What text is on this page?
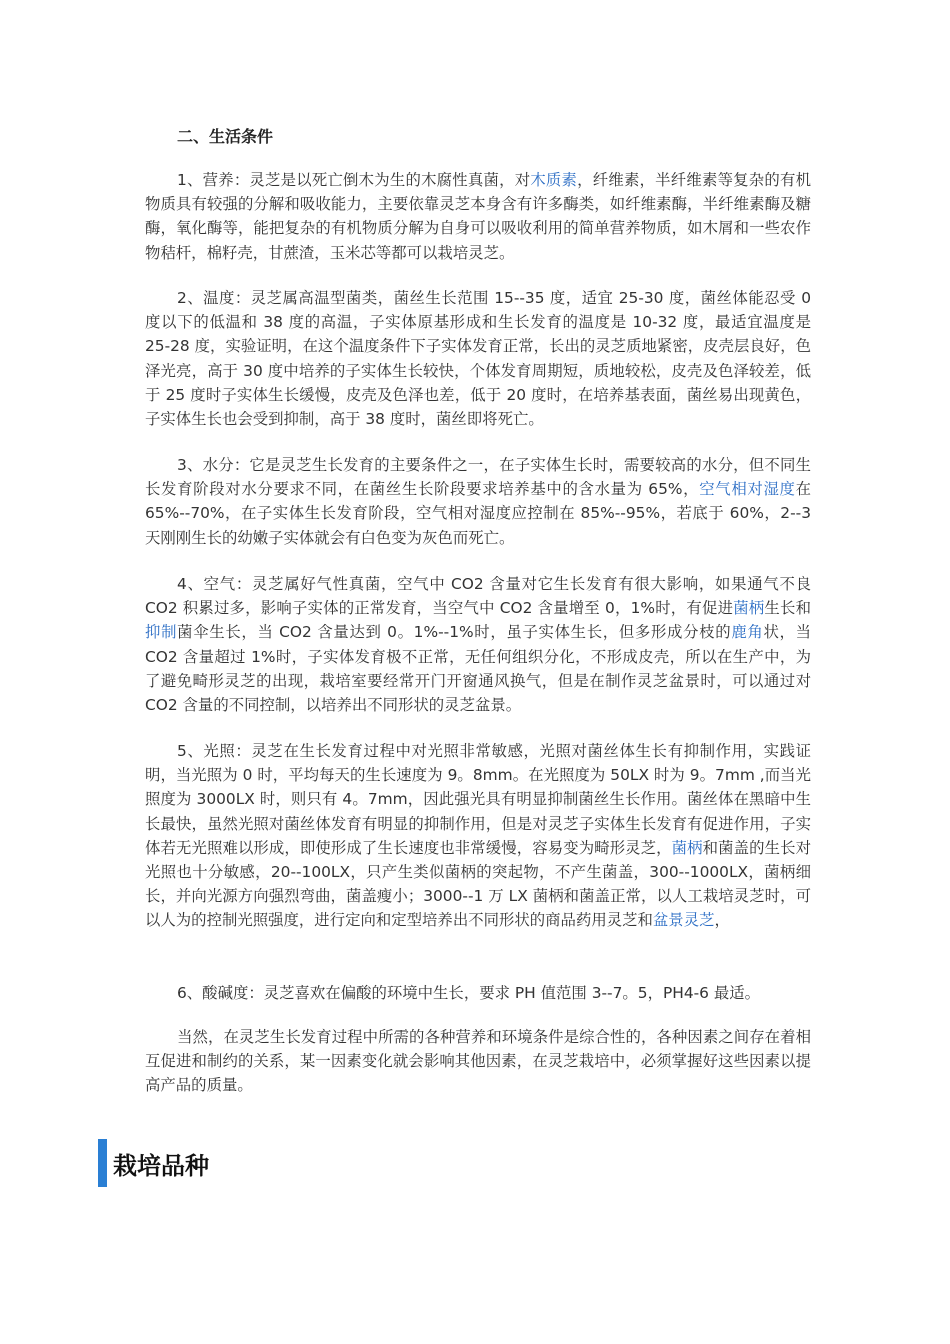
二、生活条件

1、营养：灵芝是以死亡倒木为生的木腐性真菌，对木质素，纤维素，半纤维素等复杂的有机物质具有较强的分解和吸收能力，主要依靠灵芝本身含有许多酶类，如纤维素酶，半纤维素酶及糖酶，氧化酶等，能把复杂的有机物质分解为自身可以吸收利用的简单营养物质，如木屑和一些农作物秸杆，棉籽壳，甘蔗渣，玉米芯等都可以栽培灵芝。

2、温度：灵芝属高温型菌类，菌丝生长范围 15--35 度，适宜 25-30 度，菌丝体能忍受 0 度以下的低温和 38 度的高温，子实体原基形成和生长发育的温度是 10-32 度，最适宜温度是 25-28 度，实验证明，在这个温度条件下子实体发育正常，长出的灵芝质地紧密，皮壳层良好，色泽光亮，高于 30 度中培养的子实体生长较快，个体发育周期短，质地较松，皮壳及色泽较差，低于 25 度时子实体生长缓慢，皮壳及色泽也差，低于 20 度时，在培养基表面，菌丝易出现黄色，子实体生长也会受到抑制，高于 38 度时，菌丝即将死亡。

3、水分：它是灵芝生长发育的主要条件之一，在子实体生长时，需要较高的水分，但不同生长发育阶段对水分要求不同，在菌丝生长阶段要求培养基中的含水量为 65%，空气相对湿度在 65%--70%，在子实体生长发育阶段，空气相对湿度应控制在 85%--95%，若底于 60%，2--3 天刚刚生长的幼嫩子实体就会有白色变为灰色而死亡。

4、空气：灵芝属好气性真菌，空气中 CO2 含量对它生长发育有很大影响，如果通气不良 CO2 积累过多，影响子实体的正常发育，当空气中 CO2 含量增至 0，1%时，有促进菌柄生长和抑制菌伞生长，当 CO2 含量达到 0。1%--1%时，虽子实体生长，但多形成分枝的鹿角状，当 CO2 含量超过 1%时，子实体发育极不正常，无任何组织分化，不形成皮壳，所以在生产中，为了避免畸形灵芝的出现，栽培室要经常开门开窗通风换气，但是在制作灵芝盆景时，可以通过对 CO2 含量的不同控制，以培养出不同形状的灵芝盆景。

5、光照：灵芝在生长发育过程中对光照非常敏感，光照对菌丝体生长有抑制作用，实践证明，当光照为 0 时，平均每天的生长速度为 9。8mm。在光照度为 50LX 时为 9。7mm ,而当光照度为 3000LX 时，则只有 4。7mm，因此强光具有明显抑制菌丝生长作用。菌丝体在黑暗中生长最快，虽然光照对菌丝体发育有明显的抑制作用，但是对灵芝子实体生长发育有促进作用，子实体若无光照难以形成，即使形成了生长速度也非常缓慢，容易变为畸形灵芝，菌柄和菌盖的生长对光照也十分敏感，20--100LX，只产生类似菌柄的突起物，不产生菌盖，300--1000LX，菌柄细长，并向光源方向强烈弯曲，菌盖瘦小；3000--1 万 LX 菌柄和菌盖正常，以人工栽培灵芝时，可以人为的控制光照强度，进行定向和定型培养出不同形状的商品药用灵芝和盆景灵芝，

6、酸碱度：灵芝喜欢在偏酸的环境中生长，要求 PH 值范围 3--7。5，PH4-6 最适。

当然，在灵芝生长发育过程中所需的各种营养和环境条件是综合性的，各种因素之间存在着相互促进和制约的关系，某一因素变化就会影响其他因素，在灵芝栽培中，必须掌握好这些因素以提高产品的质量。

栽培品种
